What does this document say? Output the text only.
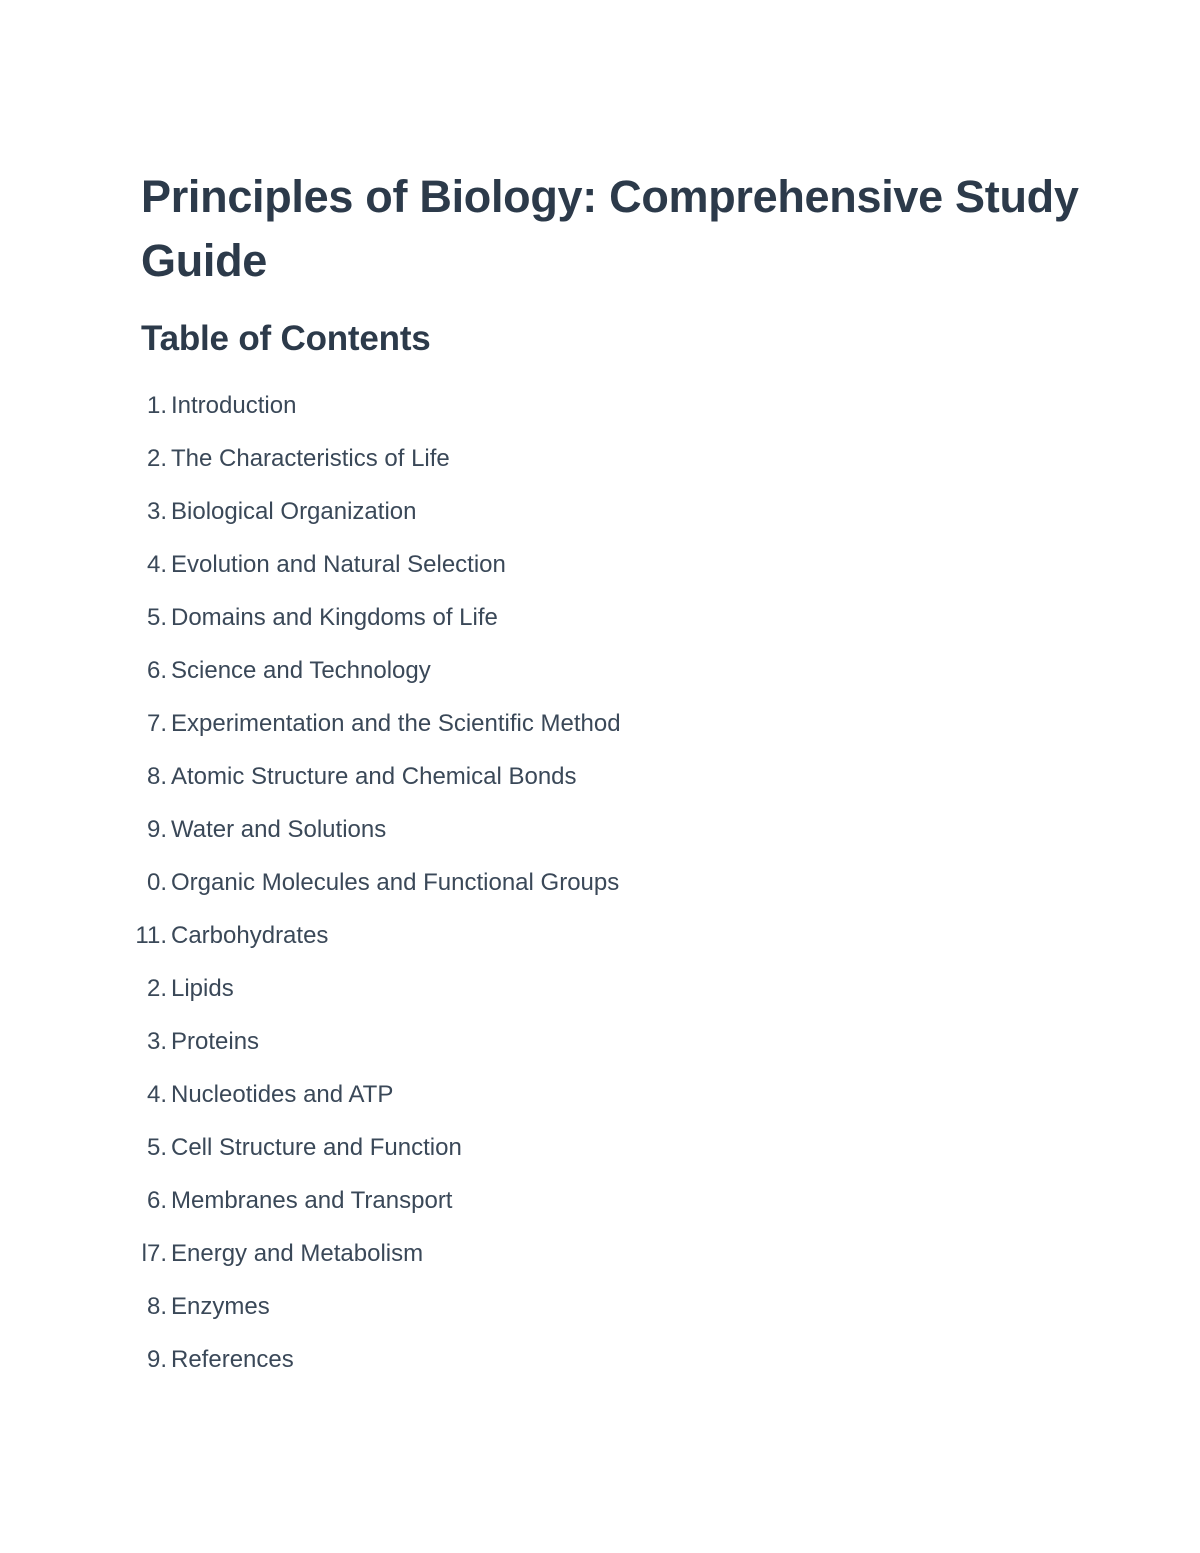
Principles of Biology: Comprehensive Study Guide
Table of Contents
1. Introduction
2. The Characteristics of Life
3. Biological Organization
4. Evolution and Natural Selection
5. Domains and Kingdoms of Life
6. Science and Technology
7. Experimentation and the Scientific Method
8. Atomic Structure and Chemical Bonds
9. Water and Solutions
0. Organic Molecules and Functional Groups
11. Carbohydrates
2. Lipids
3. Proteins
4. Nucleotides and ATP
5. Cell Structure and Function
6. Membranes and Transport
l7. Energy and Metabolism
8. Enzymes
9. References
